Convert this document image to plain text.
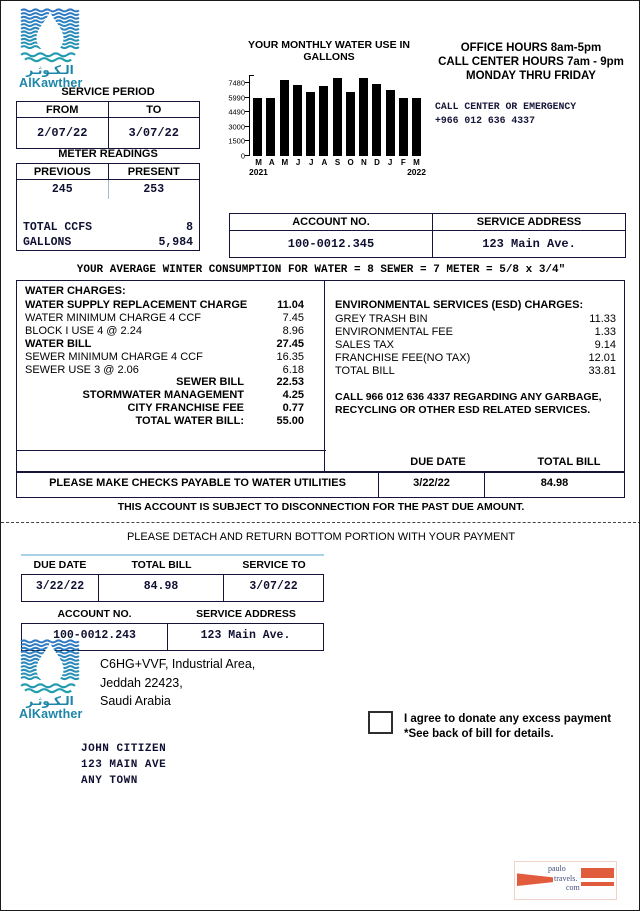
الـكـوثـر
AlKawther
SERVICE PERIOD
FROM	TO
2/07/22	3/07/22
YOUR MONTHLY WATER USE IN GALLONS
0
1500
3000
4490
5990
7480
M A M J	J	A S O N D	J	F M
2021	2022
OFFICE HOURS 8am-5pm
CALL CENTER HOURS 7am - 9pm
MONDAY THRU FRIDAY
CALL CENTER OR EMERGENCY
+966 012 636 4337
METER READINGS
PREVIOUS	PRESENT
245	253
TOTAL CCFS	8
GALLONS	5,984
ACCOUNT NO.	SERVICE ADDRESS
100-0012.345	123 Main Ave.
YOUR AVERAGE WINTER CONSUMPTION FOR WATER = 8 SEWER = 7 METER = 5/8 x 3/4"
WATER CHARGES:
WATER SUPPLY REPLACEMENT CHARGE	11.04
WATER MINIMUM CHARGE 4 CCF	7.45
BLOCK I USE 4 @ 2.24	8.96
WATER BILL	27.45
SEWER MINIMUM CHARGE 4 CCF	16.35
SEWER USE 3 @ 2.06	6.18
SEWER BILL	22.53
STORMWATER MANAGEMENT	4.25
CITY FRANCHISE FEE	0.77
TOTAL WATER BILL:	55.00
ENVIRONMENTAL SERVICES (ESD) CHARGES:
GREY TRASH BIN	11.33
ENVIRONMENTAL FEE	1.33
SALES TAX	9.14
FRANCHISE FEE(NO TAX)	12.01
TOTAL BILL	33.81
CALL 966 012 636 4337 REGARDING ANY GARBAGE,
RECYCLING OR OTHER ESD RELATED SERVICES.
DUE DATE	TOTAL BILL
PLEASE MAKE CHECKS PAYABLE TO WATER UTILITIES	3/22/22	84.98
THIS ACCOUNT IS SUBJECT TO DISCONNECTION FOR THE PAST DUE AMOUNT.
PLEASE DETACH AND RETURN BOTTOM PORTION WITH YOUR PAYMENT
DUE DATE	TOTAL BILL	SERVICE TO
3/22/22	84.98	3/07/22
ACCOUNT NO.	SERVICE ADDRESS
100-0012.243	123 Main Ave.
الـكـوثـر
AlKawther
C6HG+VVF, Industrial Area,
Jeddah 22423,
Saudi Arabia
I agree to donate any excess payment
*See back of bill for details.
JOHN CITIZEN
123 MAIN AVE
ANY TOWN
paulo
travels.
com
